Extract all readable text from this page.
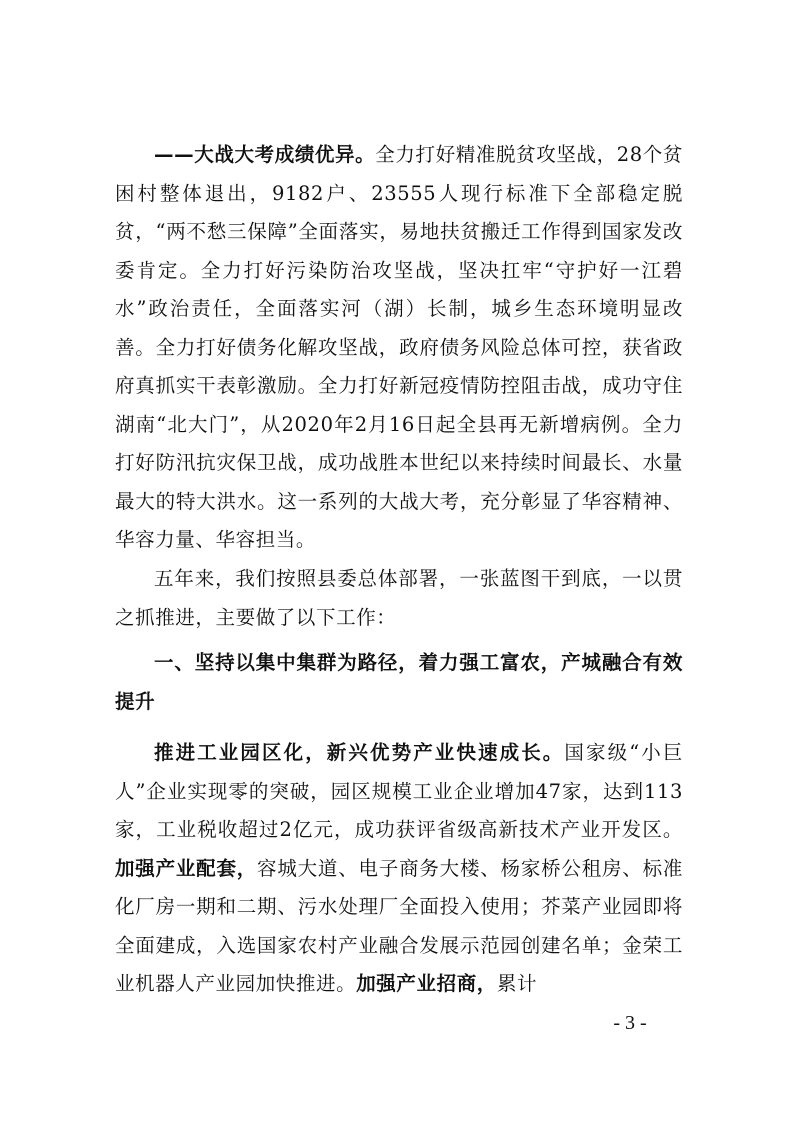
——大战大考成绩优异。全力打好精准脱贫攻坚战，28个贫困村整体退出，9182户、23555人现行标准下全部稳定脱贫，“两不愁三保障”全面落实，易地扶贫搬迁工作得到国家发改委肯定。全力打好污染防治攻坚战，坚决扛牢“守护好一江碧水”政治责任，全面落实河（湖）长制，城乡生态环境明显改善。全力打好债务化解攻坚战，政府债务风险总体可控，获省政府真抓实干表彰激励。全力打好新冠疫情防控阻击战，成功守住湖南“北大门”，从2020年2月16日起全县再无新增病例。全力打好防汛抗灾保卫战，成功战胜本世纪以来持续时间最长、水量最大的特大洪水。这一系列的大战大考，充分彰显了华容精神、华容力量、华容担当。

五年来，我们按照县委总体部署，一张蓝图干到底，一以贯之抓推进，主要做了以下工作：

一、坚持以集中集群为路径，着力强工富农，产城融合有效提升

推进工业园区化，新兴优势产业快速成长。国家级“小巨人”企业实现零的突破，园区规模工业企业增加47家，达到113家，工业税收超过2亿元，成功获评省级高新技术产业开发区。加强产业配套，容城大道、电子商务大楼、杨家桥公租房、标准化厂房一期和二期、污水处理厂全面投入使用；芥菜产业园即将全面建成，入选国家农村产业融合发展示范园创建名单；金荣工业机器人产业园加快推进。加强产业招商，累计

- 3 -
